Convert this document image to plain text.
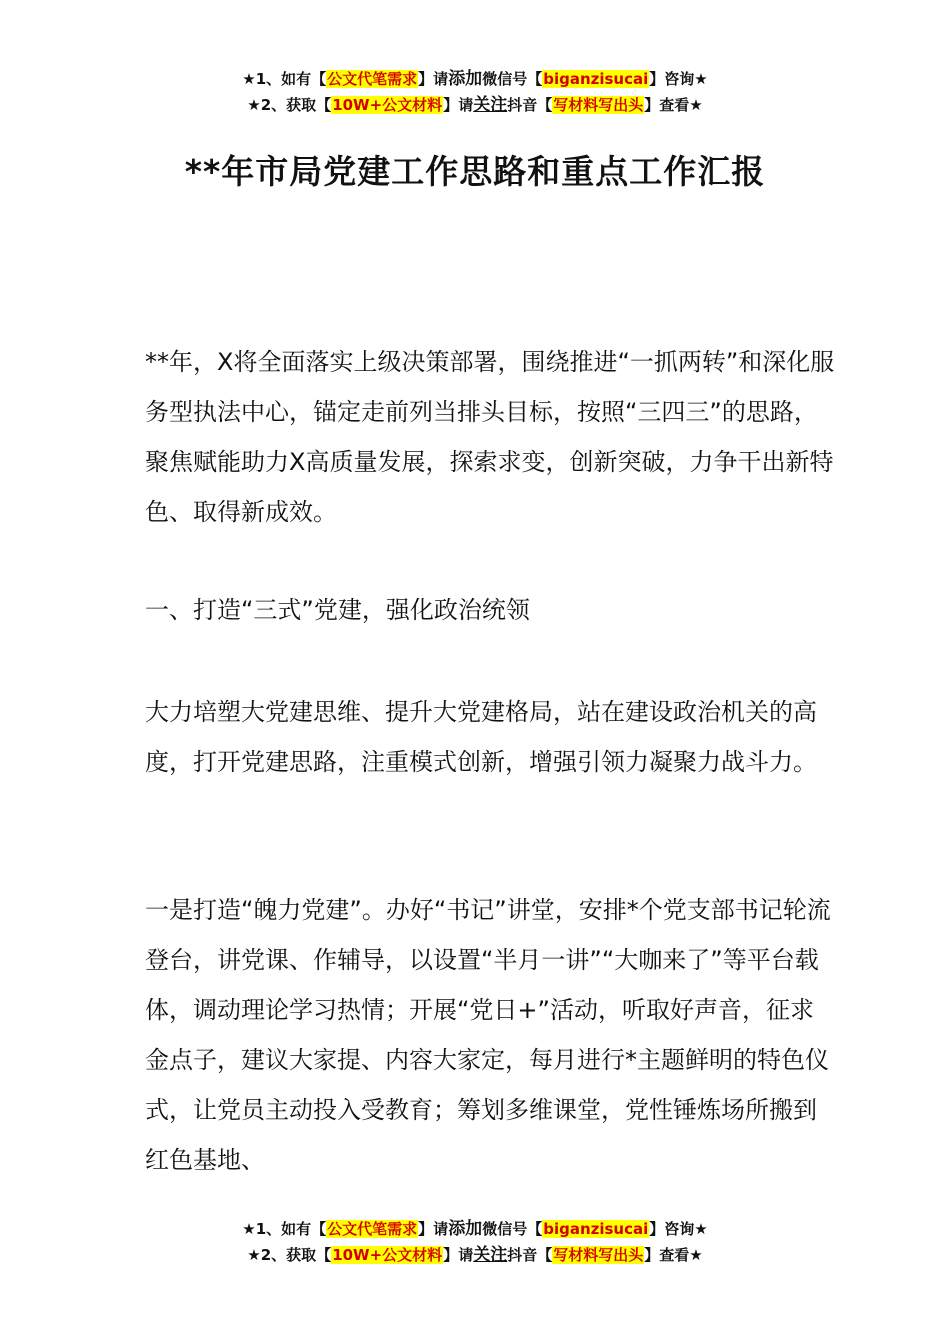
★1、如有【公文代笔需求】请添加微信号【biganzisucai】咨询★
★2、获取【10W+公文材料】请关注抖音【写材料写出头】查看★
**年市局党建工作思路和重点工作汇报

**年，X将全面落实上级决策部署，围绕推进“一抓两转”和深化服务型执法中心，锚定走前列当排头目标，按照“三四三”的思路，聚焦赋能助力X高质量发展，探索求变，创新突破，力争干出新特色、取得新成效。

一、打造“三式”党建，强化政治统领

大力培塑大党建思维、提升大党建格局，站在建设政治机关的高度，打开党建思路，注重模式创新，增强引领力凝聚力战斗力。

一是打造“魄力党建”。办好“书记”讲堂，安排*个党支部书记轮流登台，讲党课、作辅导，以设置“半月一讲”“大咖来了”等平台载体，调动理论学习热情；开展“党日+”活动，听取好声音，征求金点子，建议大家提、内容大家定，每月进行*主题鲜明的特色仪式，让党员主动投入受教育；筹划多维课堂，党性锤炼场所搬到红色基地、

★1、如有【公文代笔需求】请添加微信号【biganzisucai】咨询★
★2、获取【10W+公文材料】请关注抖音【写材料写出头】查看★
